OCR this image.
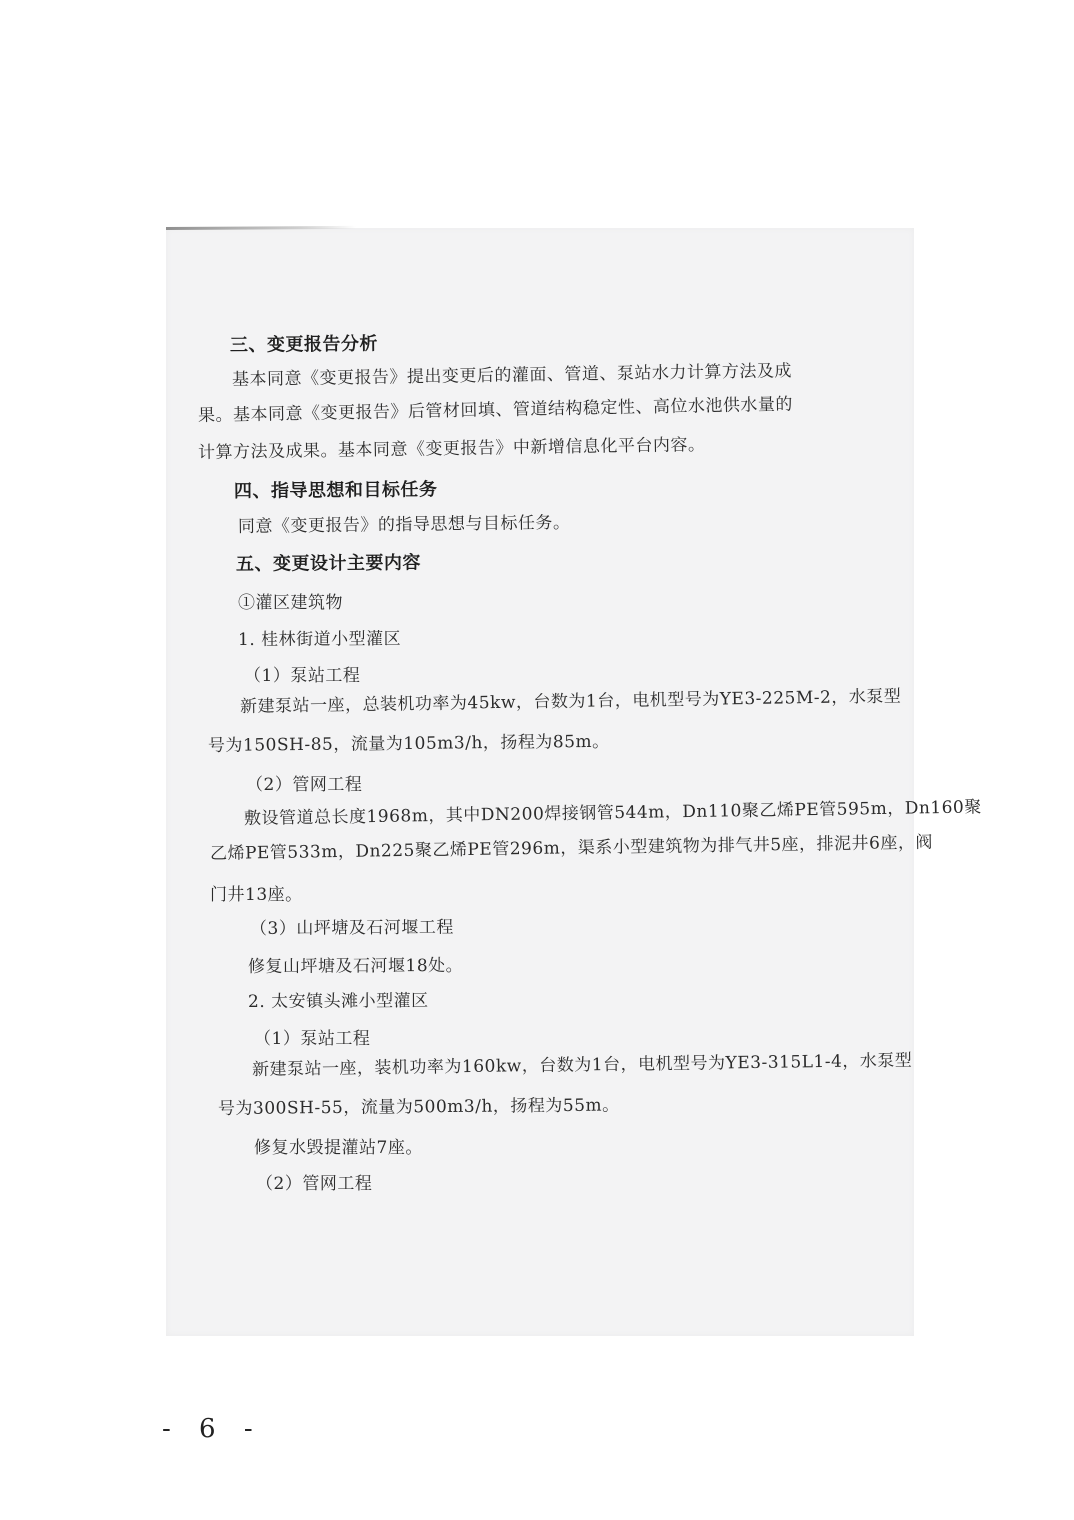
三、变更报告分析
基本同意《变更报告》提出变更后的灌面、管道、泵站水力计算方法及成
果。基本同意《变更报告》后管材回填、管道结构稳定性、高位水池供水量的
计算方法及成果。基本同意《变更报告》中新增信息化平台内容。
四、指导思想和目标任务
同意《变更报告》的指导思想与目标任务。
五、变更设计主要内容
①灌区建筑物
1. 桂林街道小型灌区
（1）泵站工程
新建泵站一座，总装机功率为45kw，台数为1台，电机型号为YE3-225M-2，水泵型
号为150SH-85，流量为105m3/h，扬程为85m。
（2）管网工程
敷设管道总长度1968m，其中DN200焊接钢管544m，Dn110聚乙烯PE管595m，Dn160聚
乙烯PE管533m，Dn225聚乙烯PE管296m，渠系小型建筑物为排气井5座，排泥井6座，阀
门井13座。
（3）山坪塘及石河堰工程
修复山坪塘及石河堰18处。
2. 太安镇头滩小型灌区
（1）泵站工程
新建泵站一座，装机功率为160kw，台数为1台，电机型号为YE3-315L1-4，水泵型
号为300SH-55，流量为500m3/h，扬程为55m。
修复水毁提灌站7座。
（2）管网工程
- 6 -
